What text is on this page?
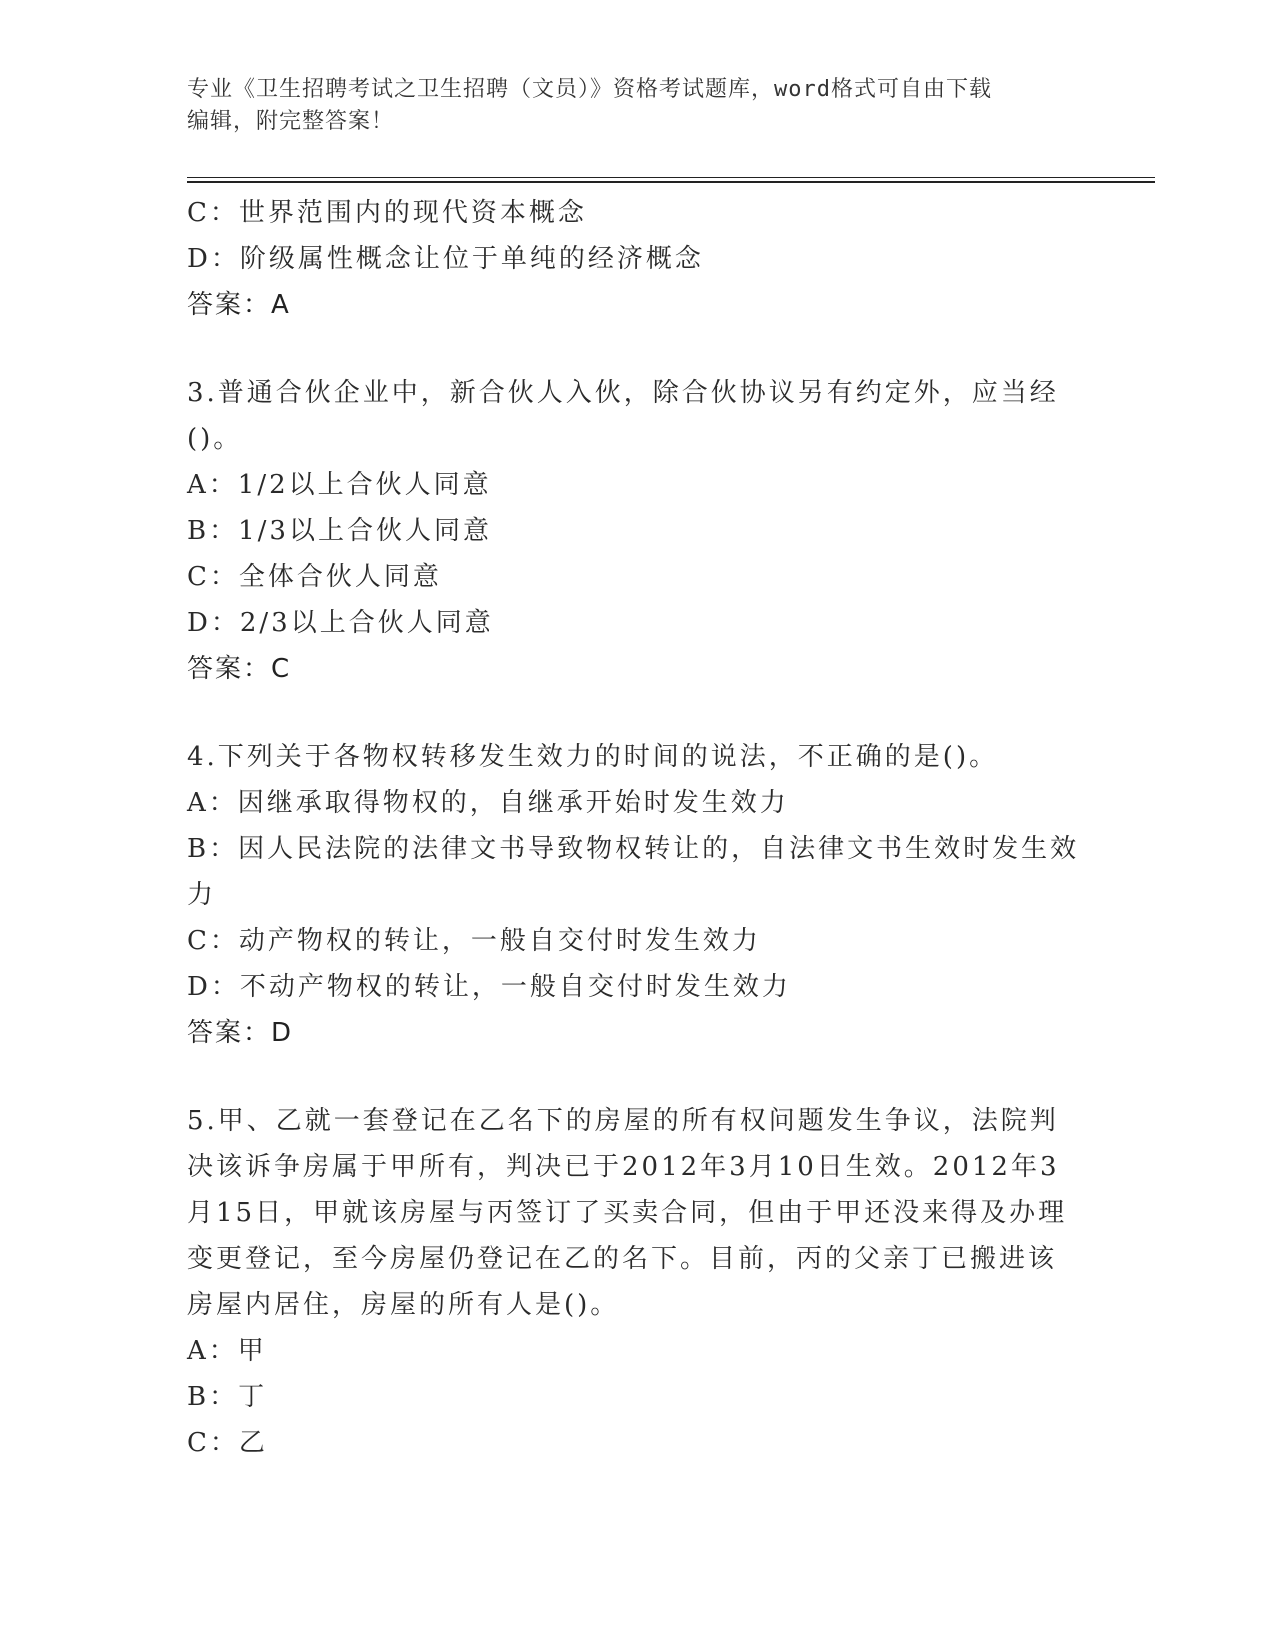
专业《卫生招聘考试之卫生招聘（文员）》资格考试题库，word格式可自由下载
编辑，附完整答案！
C：世界范围内的现代资本概念
D：阶级属性概念让位于单纯的经济概念
答案：A
3.普通合伙企业中，新合伙人入伙，除合伙协议另有约定外，应当经
()。
A：1/2以上合伙人同意
B：1/3以上合伙人同意
C：全体合伙人同意
D：2/3以上合伙人同意
答案：C
4.下列关于各物权转移发生效力的时间的说法，不正确的是()。
A：因继承取得物权的，自继承开始时发生效力
B：因人民法院的法律文书导致物权转让的，自法律文书生效时发生效
力
C：动产物权的转让，一般自交付时发生效力
D：不动产物权的转让，一般自交付时发生效力
答案：D
5.甲、乙就一套登记在乙名下的房屋的所有权问题发生争议，法院判
决该诉争房属于甲所有，判决已于2012年3月10日生效。2012年3
月15日，甲就该房屋与丙签订了买卖合同，但由于甲还没来得及办理
变更登记，至今房屋仍登记在乙的名下。目前，丙的父亲丁已搬进该
房屋内居住，房屋的所有人是()。
A：甲
B：丁
C：乙
